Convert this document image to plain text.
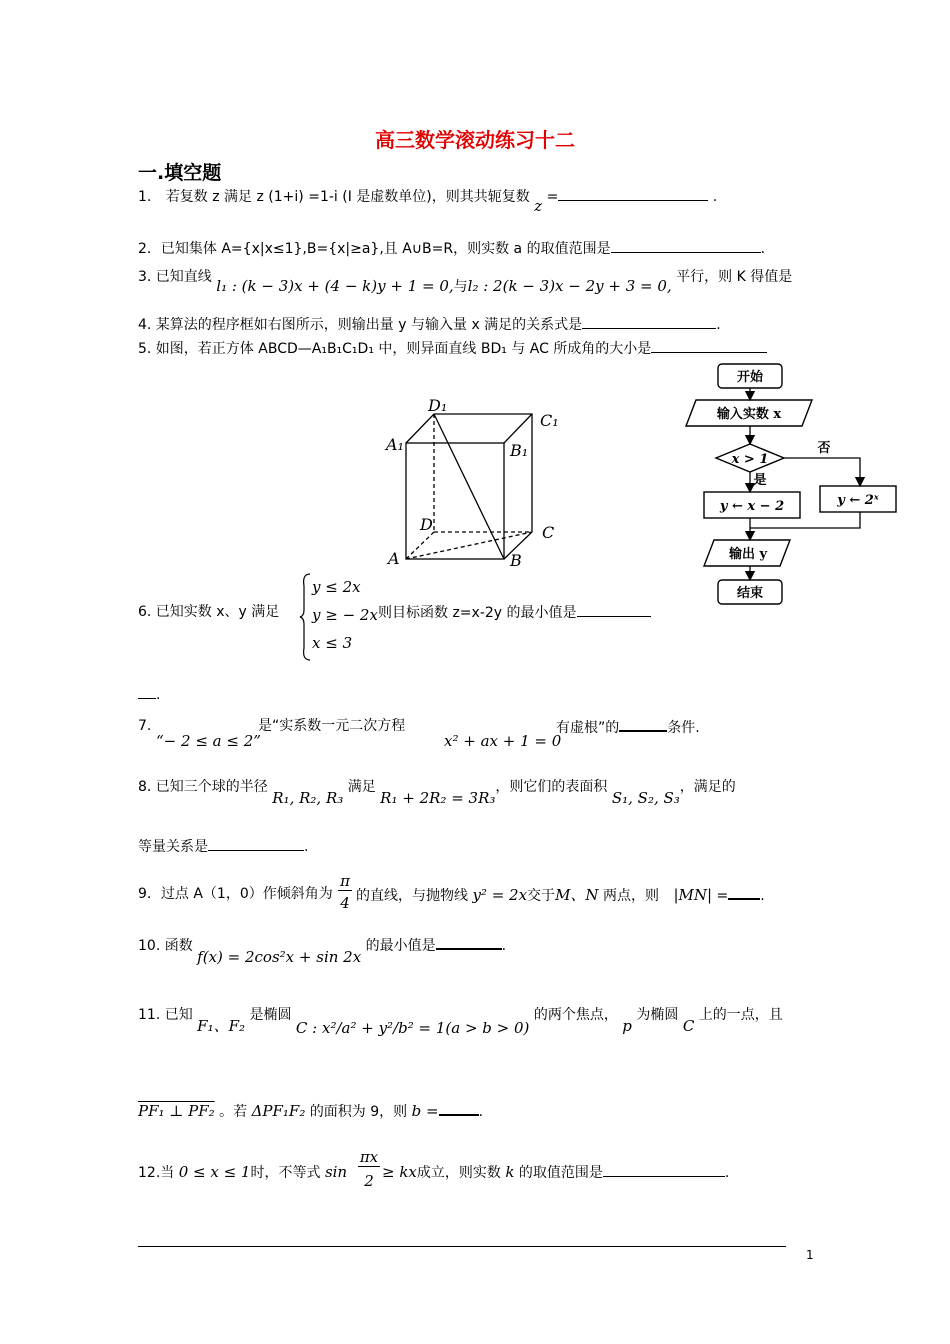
高三数学滚动练习十二
一.填空题
1. 若复数 z 满足 z (1+i) =1-i (I 是虚数单位)，则其共轭复数 z =	.
2．已知集体 A={x|x≤1},B={x|≥a},且 A∪B=R，则实数 a 的取值范围是	.
3. 已知直线 l₁ : (k − 3)x + (4 − k)y + 1 = 0,与l₂ : 2(k − 3)x − 2y + 3 = 0, 平行，则 K 得值是
4. 某算法的程序框如右图所示，则输出量 y 与输入量 x 满足的关系式是	.
5. 如图，若正方体 ABCD—A₁B₁C₁D₁ 中，则异面直线 BD₁ 与 AC 所成角的大小是
D₁
C₁
A₁	B₁
D	C
A	B
开始
输入实数 x
x > 1
是
否
y ← x − 2	y ← 2ˣ
输出 y
结束
6. 已知实数 x、y 满足
y ≤ 2x
y ≥ − 2x
x ≤ 3
则目标函数 z=x-2y 的最小值是
.
7.
“− 2 ≤ a ≤ 2”
是“实系数一元二次方程
x² + ax + 1 = 0
有虚根”的	条件.
8. 已知三个球的半径 R₁, R₂, R₃ 满足 R₁ + 2R₂ = 3R₃，则它们的表面积 S₁, S₂, S₃，满足的
等量关系是	.
9．过点 A（1，0）作倾斜角为
π
4 的直线，与抛物线 y² = 2x交于M、N 两点，则 |MN| = .
10. 函数 f(x) = 2cos²x + sin 2x 的最小值是	.
11. 已知 F₁、F₂ 是椭圆 C : x²/a² + y²/b² = 1(a > b > 0) 的两个焦点， p 为椭圆 C 上的一点，且
PF₁ ⊥ PF₂ 。若 ΔPF₁F₂ 的面积为 9，则 b =	.
12.当 0 ≤ x ≤ 1时，不等式 sin
πx
2 ≥ kx成立，则实数 k 的取值范围是	.
1
